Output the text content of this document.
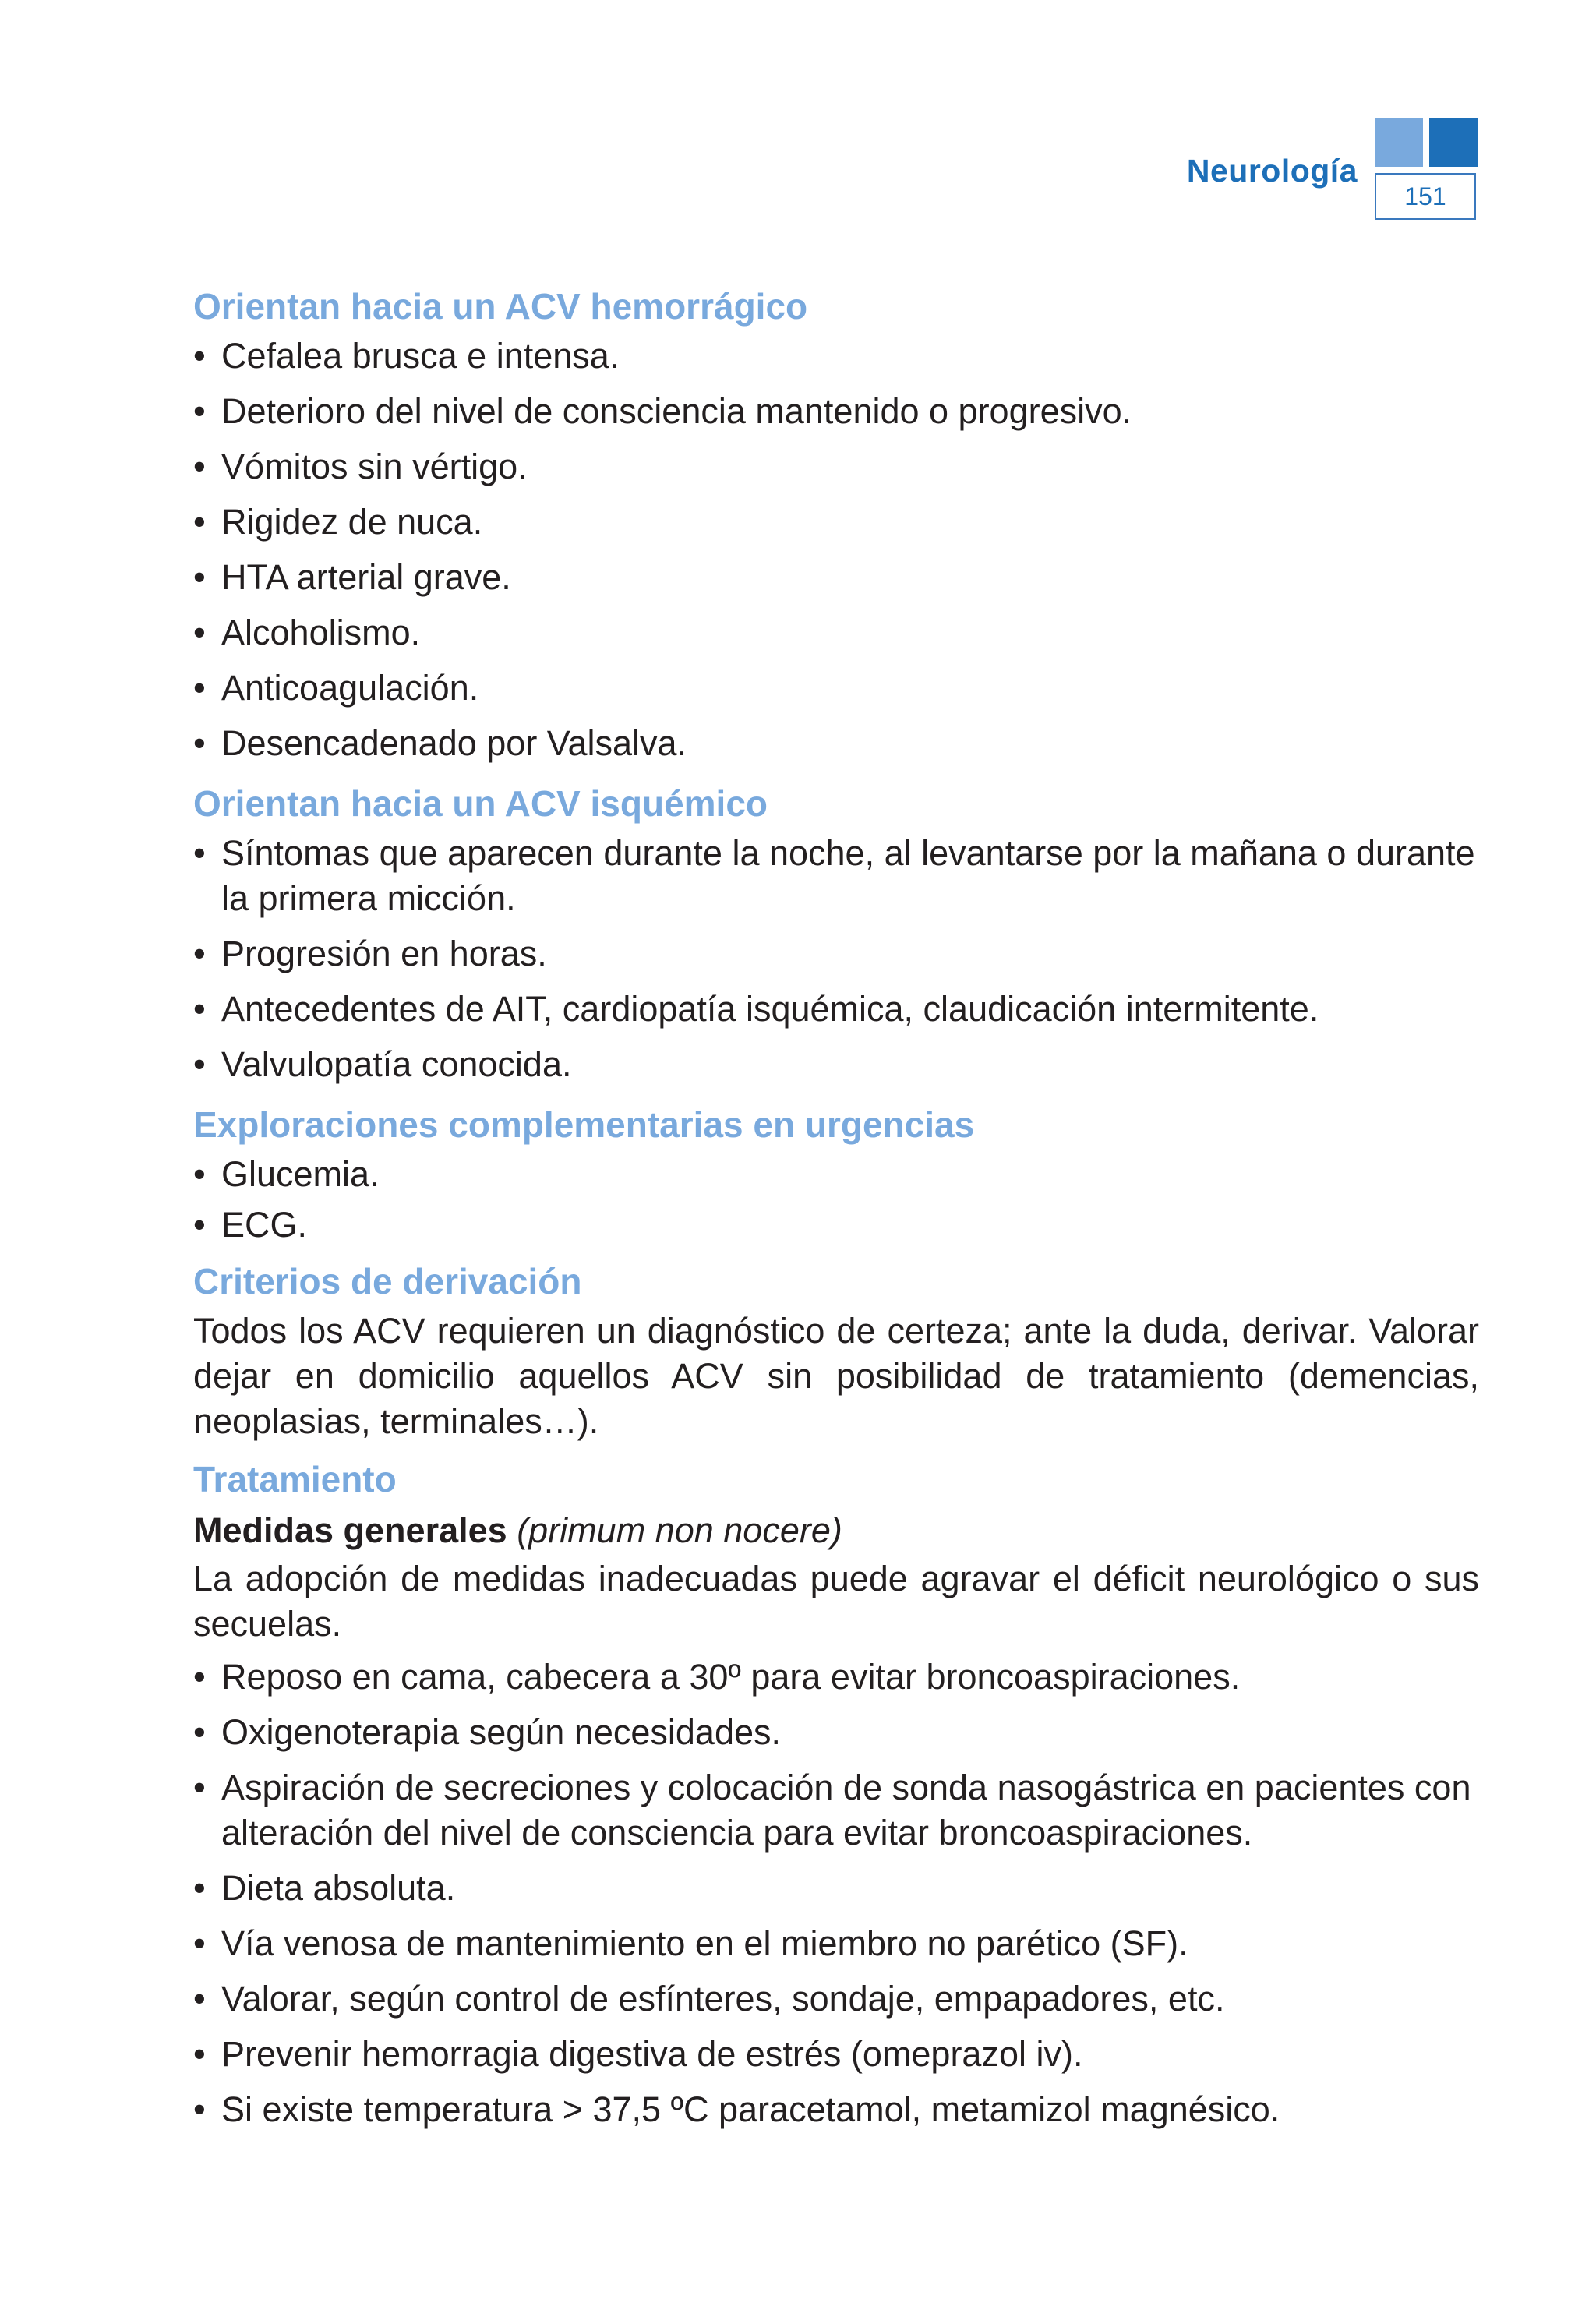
Neurología
151
Orientan hacia un ACV hemorrágico
• Cefalea brusca e intensa.
• Deterioro del nivel de consciencia mantenido o progresivo.
• Vómitos sin vértigo.
• Rigidez de nuca.
• HTA arterial grave.
• Alcoholismo.
• Anticoagulación.
• Desencadenado por Valsalva.
Orientan hacia un ACV isquémico
• Síntomas que aparecen durante la noche, al levantarse por la mañana o durante la primera micción.
• Progresión en horas.
• Antecedentes de AIT, cardiopatía isquémica, claudicación intermitente.
• Valvulopatía conocida.
Exploraciones complementarias en urgencias
• Glucemia.
• ECG.
Criterios de derivación

Todos los ACV requieren un diagnóstico de certeza; ante la duda, derivar. Valorar dejar en domicilio aquellos ACV sin posibilidad de tratamiento (demencias, neoplasias, terminales…).

Tratamiento
Medidas generales (primum non nocere)

La adopción de medidas inadecuadas puede agravar el déficit neurológico o sus secuelas.

• Reposo en cama, cabecera a 30º para evitar broncoaspiraciones.
• Oxigenoterapia según necesidades.
• Aspiración de secreciones y colocación de sonda nasogástrica en pacientes con alteración del nivel de consciencia para evitar broncoaspiraciones.
• Dieta absoluta.
• Vía venosa de mantenimiento en el miembro no parético (SF).
• Valorar, según control de esfínteres, sondaje, empapadores, etc.
• Prevenir hemorragia digestiva de estrés (omeprazol iv).
• Si existe temperatura > 37,5 ºC paracetamol, metamizol magnésico.
